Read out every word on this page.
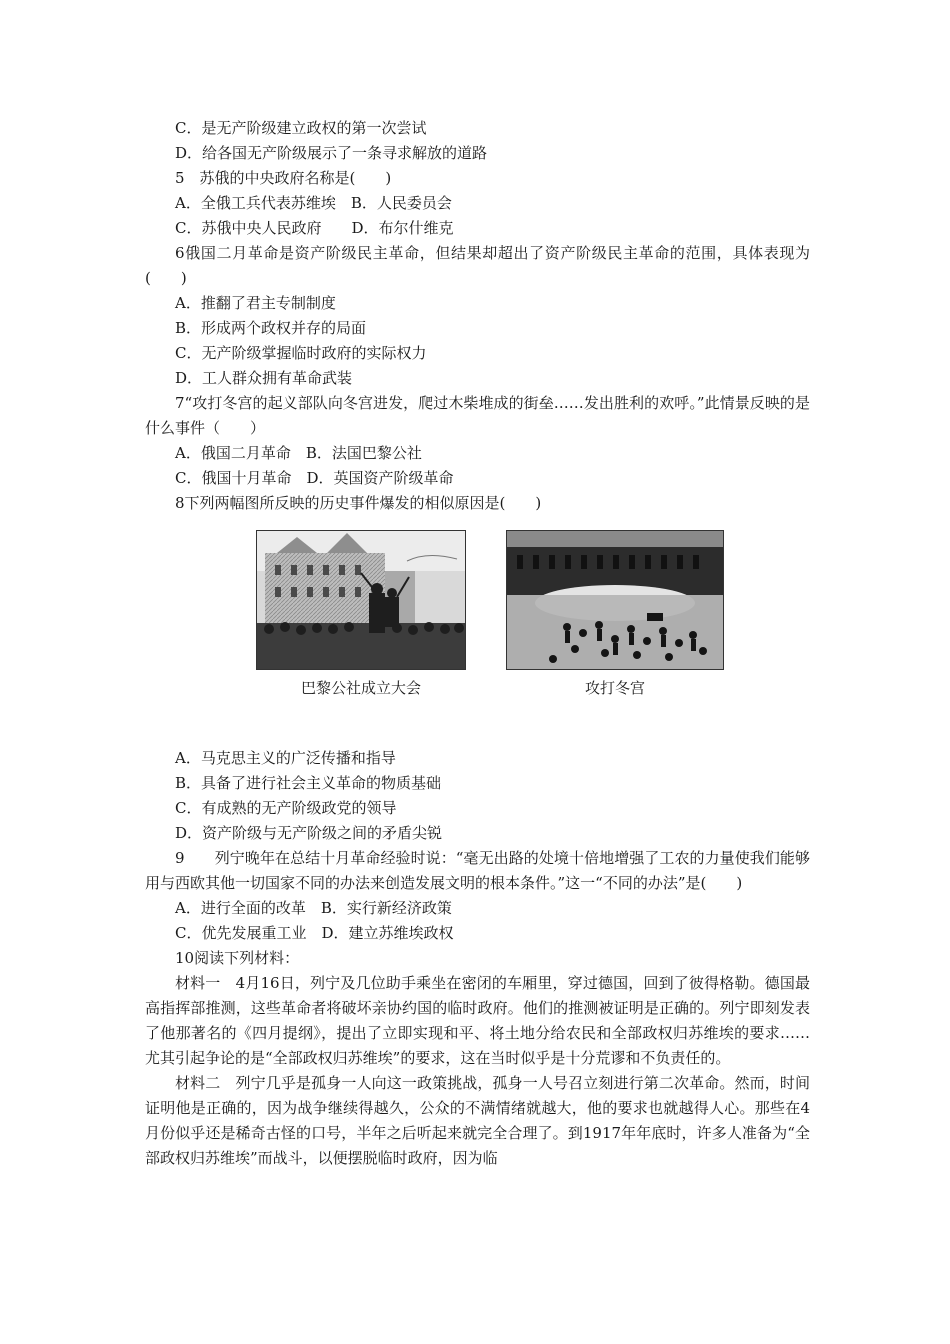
C．是无产阶级建立政权的第一次尝试
D．给各国无产阶级展示了一条寻求解放的道路
5　苏俄的中央政府名称是(　　)
A．全俄工兵代表苏维埃　B．人民委员会
C．苏俄中央人民政府　　D．布尔什维克
6俄国二月革命是资产阶级民主革命，但结果却超出了资产阶级民主革命的范围，具体表现为(　　)
A．推翻了君主专制制度
B．形成两个政权并存的局面
C．无产阶级掌握临时政府的实际权力
D．工人群众拥有革命武装
7“攻打冬宫的起义部队向冬宫进发，爬过木柴堆成的街垒……发出胜利的欢呼。”此情景反映的是什么事件（　　）
A．俄国二月革命　B．法国巴黎公社
C．俄国十月革命　D．英国资产阶级革命
8下列两幅图所反映的历史事件爆发的相似原因是(　　)
巴黎公社成立大会	攻打冬宫
A．马克思主义的广泛传播和指导
B．具备了进行社会主义革命的物质基础
C．有成熟的无产阶级政党的领导
D．资产阶级与无产阶级之间的矛盾尖锐
9　　列宁晚年在总结十月革命经验时说：“毫无出路的处境十倍地增强了工农的力量使我们能够用与西欧其他一切国家不同的办法来创造发展文明的根本条件。”这一“不同的办法”是(　　)
A．进行全面的改革　B．实行新经济政策
C．优先发展重工业　D．建立苏维埃政权
10阅读下列材料：
材料一　4月16日，列宁及几位助手乘坐在密闭的车厢里，穿过德国，回到了彼得格勒。德国最高指挥部推测，这些革命者将破坏亲协约国的临时政府。他们的推测被证明是正确的。列宁即刻发表了他那著名的《四月提纲》，提出了立即实现和平、将土地分给农民和全部政权归苏维埃的要求……尤其引起争论的是“全部政权归苏维埃”的要求，这在当时似乎是十分荒谬和不负责任的。
材料二　列宁几乎是孤身一人向这一政策挑战，孤身一人号召立刻进行第二次革命。然而，时间证明他是正确的，因为战争继续得越久，公众的不满情绪就越大，他的要求也就越得人心。那些在4月份似乎还是稀奇古怪的口号，半年之后听起来就完全合理了。到1917年年底时，许多人准备为“全部政权归苏维埃”而战斗，以便摆脱临时政府，因为临
